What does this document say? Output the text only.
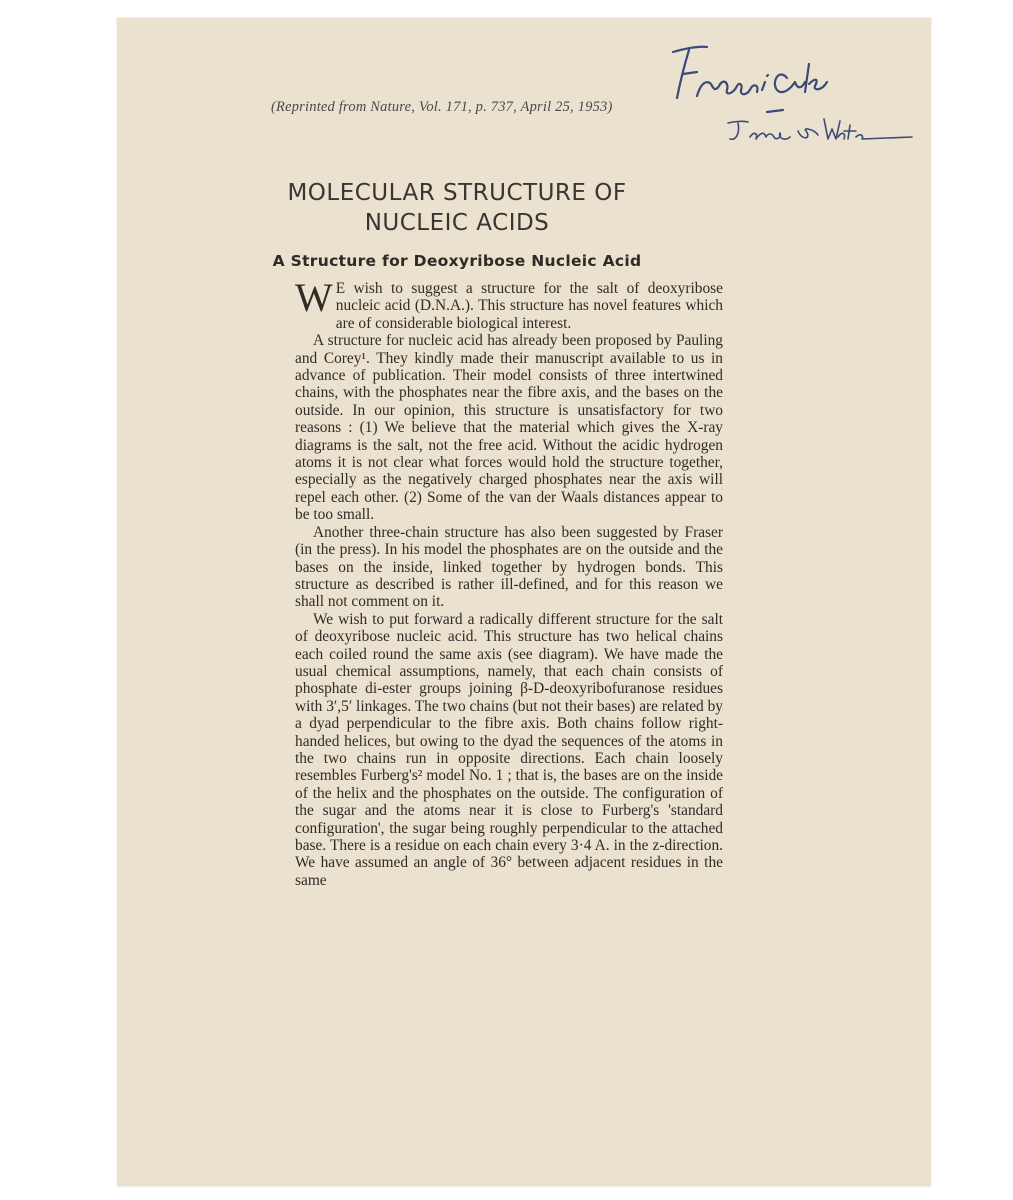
(Reprinted from Nature, Vol. 171, p. 737, April 25, 1953)
MOLECULAR STRUCTURE OF
NUCLEIC ACIDS
A Structure for Deoxyribose Nucleic Acid

W E wish to suggest a structure for the salt of deoxyribose nucleic acid (D.N.A.). This structure has novel features which are of considerable biological interest.

A structure for nucleic acid has already been proposed by Pauling and Corey¹. They kindly made their manuscript available to us in advance of publication. Their model consists of three intertwined chains, with the phosphates near the fibre axis, and the bases on the outside. In our opinion, this structure is unsatisfactory for two reasons : (1) We believe that the material which gives the X-ray diagrams is the salt, not the free acid. Without the acidic hydrogen atoms it is not clear what forces would hold the structure together, especially as the negatively charged phosphates near the axis will repel each other. (2) Some of the van der Waals distances appear to be too small.

Another three-chain structure has also been suggested by Fraser (in the press). In his model the phosphates are on the outside and the bases on the inside, linked together by hydrogen bonds. This structure as described is rather ill-defined, and for this reason we shall not comment on it.

We wish to put forward a radically different structure for the salt of deoxyribose nucleic acid. This structure has two helical chains each coiled round the same axis (see diagram). We have made the usual chemical assumptions, namely, that each chain consists of phosphate di-ester groups joining β-D-deoxyribofuranose residues with 3′,5′ linkages. The two chains (but not their bases) are related by a dyad perpendicular to the fibre axis. Both chains follow right-handed helices, but owing to the dyad the sequences of the atoms in the two chains run in opposite directions. Each chain loosely resembles Furberg's² model No. 1 ; that is, the bases are on the inside of the helix and the phosphates on the outside. The configuration of the sugar and the atoms near it is close to Furberg's 'standard configuration', the sugar being roughly perpendicular to the attached base. There is a residue on each chain every 3·4 A. in the z-direction. We have assumed an angle of 36° between adjacent residues in the same
